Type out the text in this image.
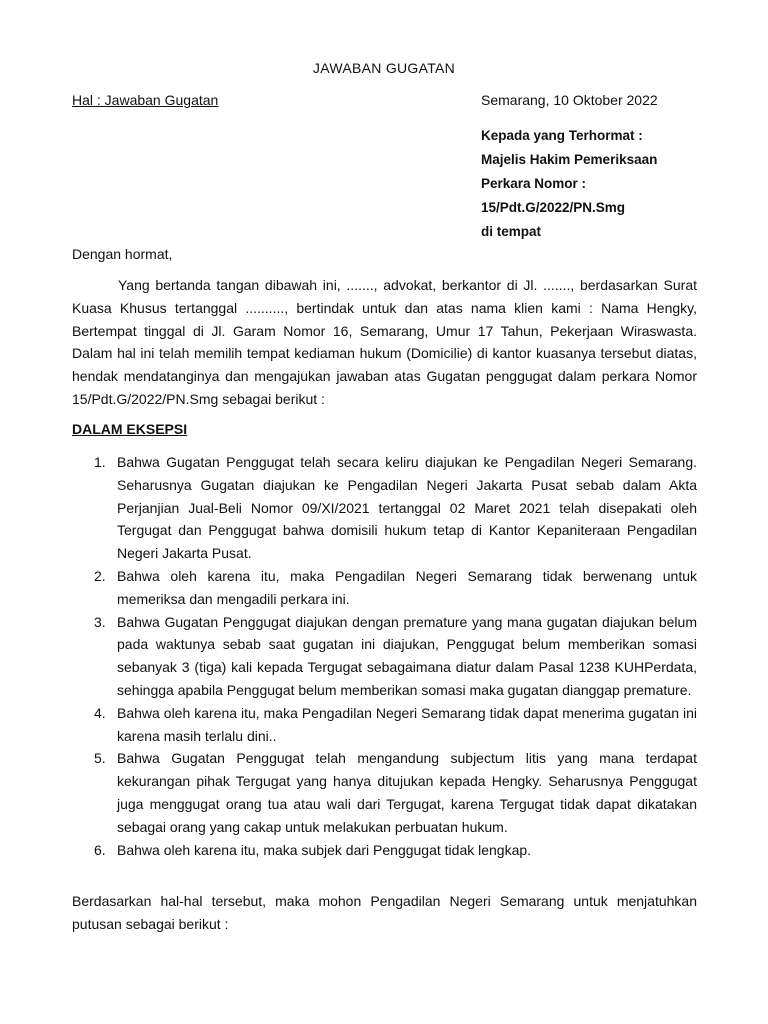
JAWABAN GUGATAN
Hal : Jawaban Gugatan	Semarang, 10 Oktober 2022
Kepada yang Terhormat :
Majelis Hakim Pemeriksaan
Perkara Nomor :
15/Pdt.G/2022/PN.Smg
di tempat
Dengan hormat,
Yang bertanda tangan dibawah ini, ......., advokat, berkantor di Jl. ......., berdasarkan Surat Kuasa Khusus tertanggal .........., bertindak untuk dan atas nama klien kami : Nama Hengky, Bertempat tinggal di Jl. Garam Nomor 16, Semarang, Umur 17 Tahun, Pekerjaan Wiraswasta. Dalam hal ini telah memilih tempat kediaman hukum (Domicilie) di kantor kuasanya tersebut diatas, hendak mendatanginya dan mengajukan jawaban atas Gugatan penggugat dalam perkara Nomor 15/Pdt.G/2022/PN.Smg sebagai berikut :
DALAM EKSEPSI
1. Bahwa Gugatan Penggugat telah secara keliru diajukan ke Pengadilan Negeri Semarang. Seharusnya Gugatan diajukan ke Pengadilan Negeri Jakarta Pusat sebab dalam Akta Perjanjian Jual-Beli Nomor 09/XI/2021 tertanggal 02 Maret 2021 telah disepakati oleh Tergugat dan Penggugat bahwa domisili hukum tetap di Kantor Kepaniteraan Pengadilan Negeri Jakarta Pusat.
2. Bahwa oleh karena itu, maka Pengadilan Negeri Semarang tidak berwenang untuk memeriksa dan mengadili perkara ini.
3. Bahwa Gugatan Penggugat diajukan dengan premature yang mana gugatan diajukan belum pada waktunya sebab saat gugatan ini diajukan, Penggugat belum memberikan somasi sebanyak 3 (tiga) kali kepada Tergugat sebagaimana diatur dalam Pasal 1238 KUHPerdata, sehingga apabila Penggugat belum memberikan somasi maka gugatan dianggap premature.
4. Bahwa oleh karena itu, maka Pengadilan Negeri Semarang tidak dapat menerima gugatan ini karena masih terlalu dini..
5. Bahwa Gugatan Penggugat telah mengandung subjectum litis yang mana terdapat kekurangan pihak Tergugat yang hanya ditujukan kepada Hengky. Seharusnya Penggugat juga menggugat orang tua atau wali dari Tergugat, karena Tergugat tidak dapat dikatakan sebagai orang yang cakap untuk melakukan perbuatan hukum.
6. Bahwa oleh karena itu, maka subjek dari Penggugat tidak lengkap.
Berdasarkan hal-hal tersebut, maka mohon Pengadilan Negeri Semarang untuk menjatuhkan putusan sebagai berikut :
